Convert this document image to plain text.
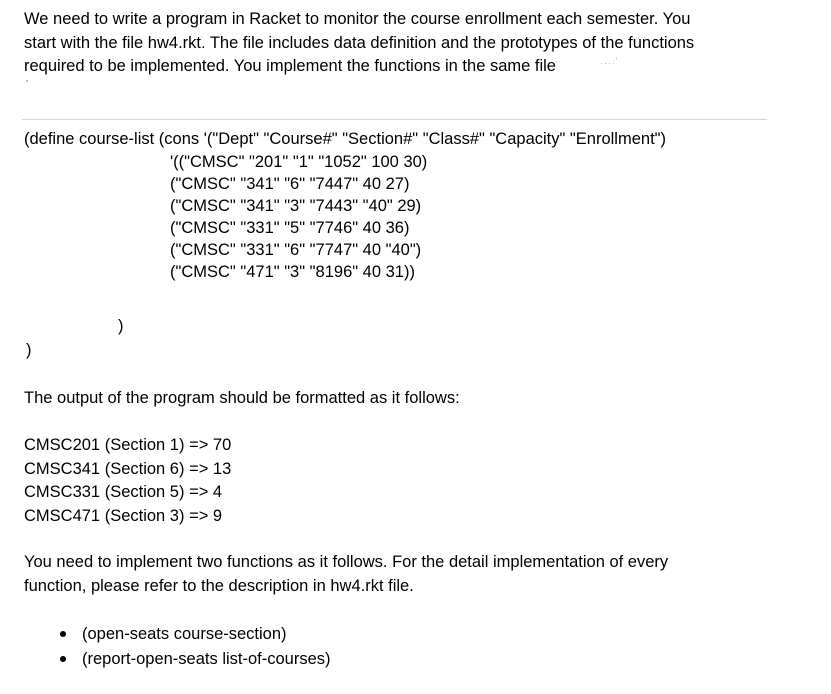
We need to write a program in Racket to monitor the course enrollment each semester. You
start with the file hw4.rkt. The file includes data definition and the prototypes of the functions
required to be implemented. You implement the functions in the same file	․․․.’
(define course-list (cons '("Dept" "Course#" "Section#" "Class#" "Capacity" "Enrollment")
'(("CMSC" "201" "1" "1052" 100 30)
("CMSC" "341" "6" "7447" 40 27)
("CMSC" "341" "3" "7443" "40" 29)
("CMSC" "331" "5" "7746" 40 36)
("CMSC" "331" "6" "7747" 40 "40")
("CMSC" "471" "3" "8196" 40 31))
)
)
The output of the program should be formatted as it follows:
CMSC201 (Section 1) => 70
CMSC341 (Section 6) => 13
CMSC331 (Section 5) => 4
CMSC471 (Section 3) => 9
You need to implement two functions as it follows. For the detail implementation of every
function, please refer to the description in hw4.rkt file.
(open-seats course-section)
(report-open-seats list-of-courses)
